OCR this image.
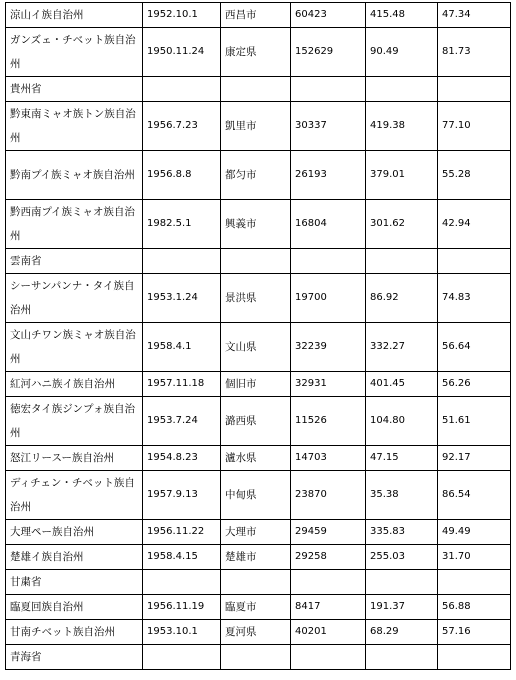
涼山イ族自治州	1952.10.1	西昌市	60423	415.48	47.34
ガンズェ・チベット族自治州	1950.11.24	康定県	152629	90.49	81.73
貴州省					
黔東南ミャオ族トン族自治州	1956.7.23	凱里市	30337	419.38	77.10
黔南プイ族ミャオ族自治州	1956.8.8	都匀市	26193	379.01	55.28
黔西南プイ族ミャオ族自治州	1982.5.1	興義市	16804	301.62	42.94
雲南省					
シーサンパンナ・タイ族自治州	1953.1.24	景洪県	19700	86.92	74.83
文山チワン族ミャオ族自治州	1958.4.1	文山県	32239	332.27	56.64
紅河ハニ族イ族自治州	1957.11.18	個旧市	32931	401.45	56.26
徳宏タイ族ジンプォ族自治州	1953.7.24	潞西県	11526	104.80	51.61
怒江リースー族自治州	1954.8.23	瀘水県	14703	47.15	92.17
ディチェン・チベット族自治州	1957.9.13	中甸県	23870	35.38	86.54
大理ペー族自治州	1956.11.22	大理市	29459	335.83	49.49
楚雄イ族自治州	1958.4.15	楚雄市	29258	255.03	31.70
甘粛省					
臨夏回族自治州	1956.11.19	臨夏市	8417	191.37	56.88
甘南チベット族自治州	1953.10.1	夏河県	40201	68.29	57.16
青海省					
